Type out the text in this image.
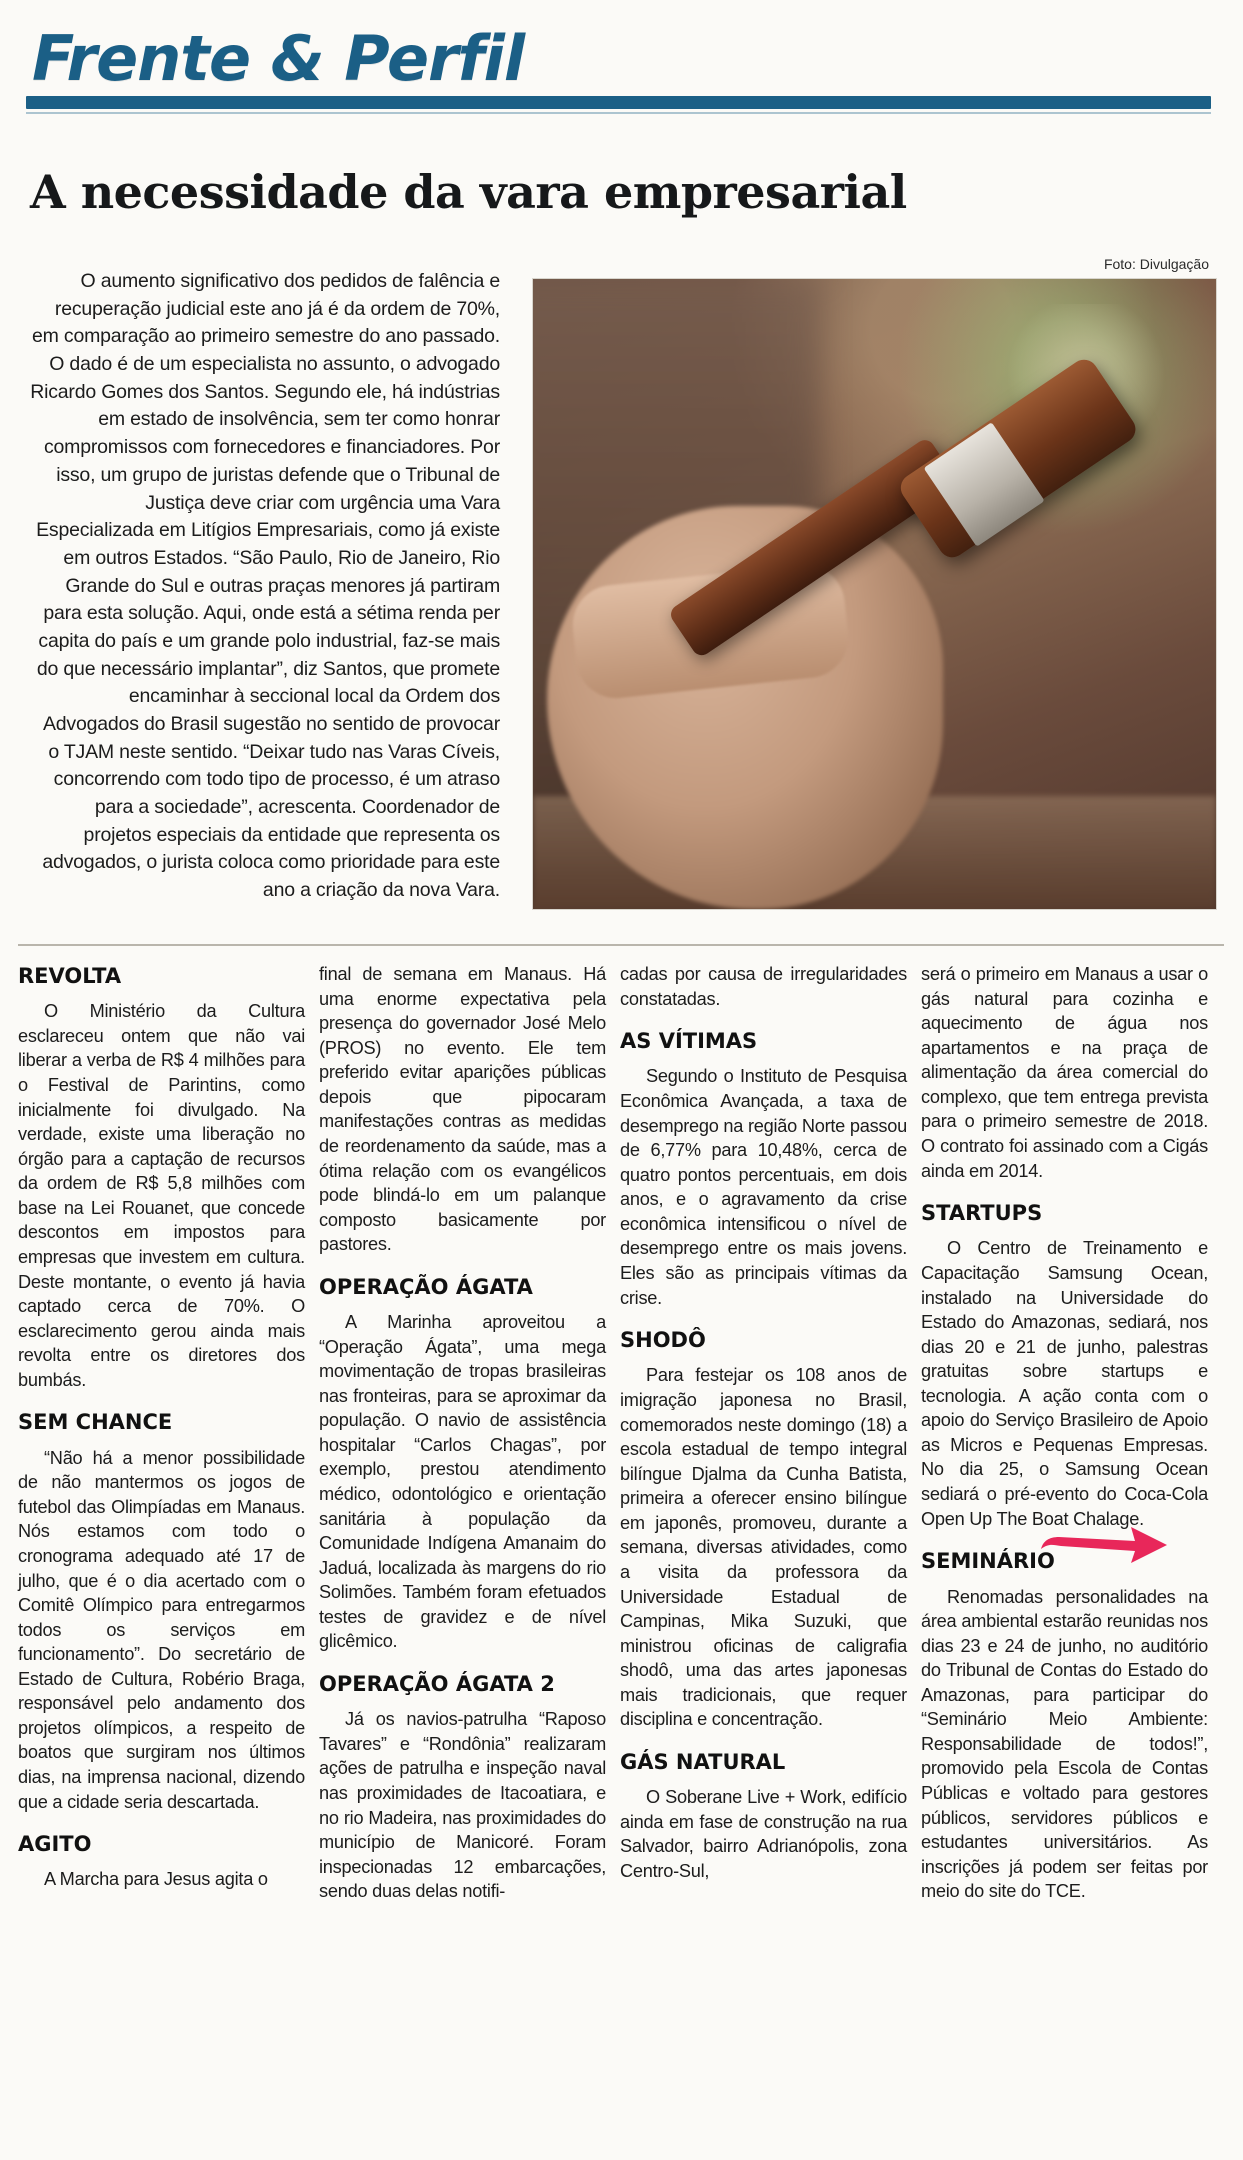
Frente & Perfil
A necessidade da vara empresarial
Foto: Divulgação
O aumento significativo dos pedidos de falência e recuperação judicial este ano já é da ordem de 70%, em comparação ao primeiro semestre do ano passado. O dado é de um especialista no assunto, o advogado Ricardo Gomes dos Santos. Segundo ele, há indústrias em estado de insolvência, sem ter como honrar compromissos com fornecedores e financiadores. Por isso, um grupo de juristas defende que o Tribunal de Justiça deve criar com urgência uma Vara Especializada em Litígios Empresariais, como já existe em outros Estados. “São Paulo, Rio de Janeiro, Rio Grande do Sul e outras praças menores já partiram para esta solução. Aqui, onde está a sétima renda per capita do país e um grande polo industrial, faz-se mais do que necessário implantar”, diz Santos, que promete encaminhar à seccional local da Ordem dos Advogados do Brasil sugestão no sentido de provocar o TJAM neste sentido. “Deixar tudo nas Varas Cíveis, concorrendo com todo tipo de processo, é um atraso para a sociedade”, acrescenta. Coordenador de projetos especiais da entidade que representa os advogados, o jurista coloca como prioridade para este ano a criação da nova Vara.
REVOLTA

O Ministério da Cultura esclareceu ontem que não vai liberar a verba de R$ 4 milhões para o Festival de Parintins, como inicialmente foi divulgado. Na verdade, existe uma liberação no órgão para a captação de recursos da ordem de R$ 5,8 milhões com base na Lei Rouanet, que concede descontos em impostos para empresas que investem em cultura. Deste montante, o evento já havia captado cerca de 70%. O esclarecimento gerou ainda mais revolta entre os diretores dos bumbás.

SEM CHANCE

“Não há a menor possibilidade de não mantermos os jogos de futebol das Olimpíadas em Manaus. Nós estamos com todo o cronograma adequado até 17 de julho, que é o dia acertado com o Comitê Olímpico para entregarmos todos os serviços em funcionamento”. Do secretário de Estado de Cultura, Robério Braga, responsável pelo andamento dos projetos olímpicos, a respeito de boatos que surgiram nos últimos dias, na imprensa nacional, dizendo que a cidade seria descartada.

AGITO

A Marcha para Jesus agita o

final de semana em Manaus. Há uma enorme expectativa pela presença do governador José Melo (PROS) no evento. Ele tem preferido evitar aparições públicas depois que pipocaram manifestações contras as medidas de reordenamento da saúde, mas a ótima relação com os evangélicos pode blindá-lo em um palanque composto basicamente por pastores.

OPERAÇÃO ÁGATA

A Marinha aproveitou a “Operação Ágata”, uma mega movimentação de tropas brasileiras nas fronteiras, para se aproximar da população. O navio de assistência hospitalar “Carlos Chagas”, por exemplo, prestou atendimento médico, odontológico e orientação sanitária à população da Comunidade Indígena Amanaim do Jaduá, localizada às margens do rio Solimões. Também foram efetuados testes de gravidez e de nível glicêmico.

OPERAÇÃO ÁGATA 2

Já os navios-patrulha “Raposo Tavares” e “Rondônia” realizaram ações de patrulha e inspeção naval nas proximidades de Itacoatiara, e no rio Madeira, nas proximidades do município de Manicoré. Foram inspecionadas 12 embarcações, sendo duas delas notifi-

cadas por causa de irregularidades constatadas.

AS VÍTIMAS

Segundo o Instituto de Pesquisa Econômica Avançada, a taxa de desemprego na região Norte passou de 6,77% para 10,48%, cerca de quatro pontos percentuais, em dois anos, e o agravamento da crise econômica intensificou o nível de desemprego entre os mais jovens. Eles são as principais vítimas da crise.

SHODÔ

Para festejar os 108 anos de imigração japonesa no Brasil, comemorados neste domingo (18) a escola estadual de tempo integral bilíngue Djalma da Cunha Batista, primeira a oferecer ensino bilíngue em japonês, promoveu, durante a semana, diversas atividades, como a visita da professora da Universidade Estadual de Campinas, Mika Suzuki, que ministrou oficinas de caligrafia shodô, uma das artes japonesas mais tradicionais, que requer disciplina e concentração.

GÁS NATURAL

O Soberane Live + Work, edifício ainda em fase de construção na rua Salvador, bairro Adrianópolis, zona Centro-Sul,

será o primeiro em Manaus a usar o gás natural para cozinha e aquecimento de água nos apartamentos e na praça de alimentação da área comercial do complexo, que tem entrega prevista para o primeiro semestre de 2018. O contrato foi assinado com a Cigás ainda em 2014.

STARTUPS

O Centro de Treinamento e Capacitação Samsung Ocean, instalado na Universidade do Estado do Amazonas, sediará, nos dias 20 e 21 de junho, palestras gratuitas sobre startups e tecnologia. A ação conta com o apoio do Serviço Brasileiro de Apoio as Micros e Pequenas Empresas. No dia 25, o Samsung Ocean sediará o pré-evento do Coca-Cola Open Up The Boat Chalage.

SEMINÁRIO

Renomadas personalidades na área ambiental estarão reunidas nos dias 23 e 24 de junho, no auditório do Tribunal de Contas do Estado do Amazonas, para participar do “Seminário Meio Ambiente: Responsabilidade de todos!”, promovido pela Escola de Contas Públicas e voltado para gestores públicos, servidores públicos e estudantes universitários. As inscrições já podem ser feitas por meio do site do TCE.
